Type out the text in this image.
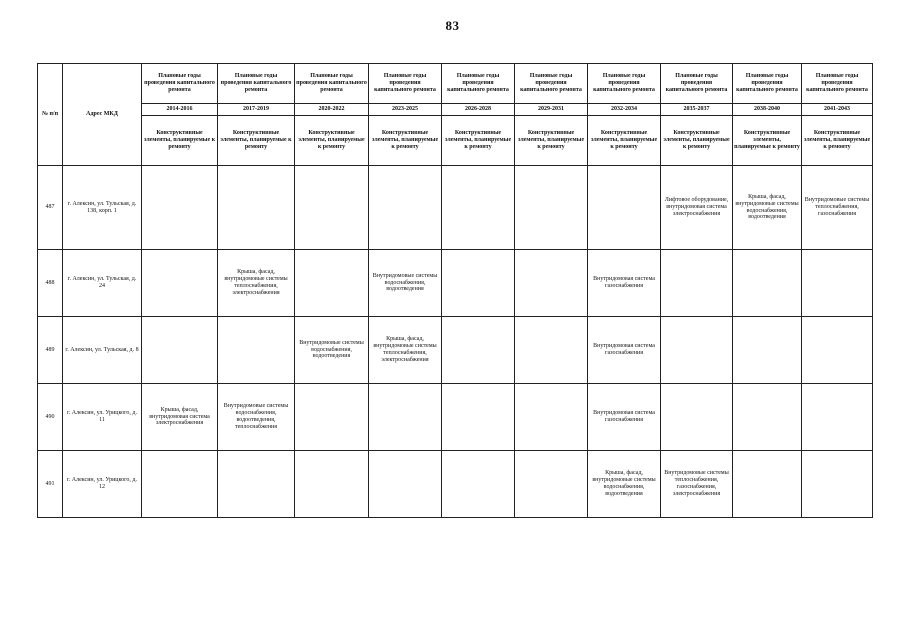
83
№ п/п	Адрес МКД	Плановые годы проведения капитального ремонта	Плановые годы проведения капитального ремонта	Плановые годы проведения капитального ремонта	Плановые годы проведения капитального ремонта	Плановые годы проведения капитального ремонта	Плановые годы проведения капитального ремонта	Плановые годы проведения капитального ремонта	Плановые годы проведения капитального ремонта	Плановые годы проведения капитального ремонта	Плановые годы проведения капитального ремонта
		2014-2016	2017-2019	2020-2022	2023-2025	2026-2028	2029-2031	2032-2034	2035-2037	2038-2040	2041-2043
		Конструктивные элементы, планируемые к ремонту	Конструктивные элементы, планируемые к ремонту	Конструктивные элементы, планируемые к ремонту	Конструктивные элементы, планируемые к ремонту	Конструктивные элементы, планируемые к ремонту	Конструктивные элементы, планируемые к ремонту	Конструктивные элементы, планируемые к ремонту	Конструктивные элементы, планируемые к ремонту	Конструктивные элементы, планируемые к ремонту	Конструктивные элементы, планируемые к ремонту
487	г. Алексин, ул. Тульская, д. 138, корп. 1								Лифтовое оборудование, внутридомовая система электроснабжения	Крыша, фасад, внутридомовые системы водоснабжения, водоотведения	Внутридомовые системы теплоснабжения, газоснабжения
488	г. Алексин, ул. Тульская, д. 24		Крыша, фасад, внутридомовые системы теплоснабжения, электроснабжения		Внутридомовые системы водоснабжения, водоотведения			Внутридомовая система газоснабжения			
489	г. Алексин, ул. Тульская, д. 8			Внутридомовые системы водоснабжения, водоотведения	Крыша, фасад, внутридомовые системы теплоснабжения, электроснабжения			Внутридомовая система газоснабжения			
490	г. Алексин, ул. Урицкого, д. 11	Крыша, фасад, внутридомовая система электроснабжения	Внутридомовые системы водоснабжения, водоотведения, теплоснабжения					Внутридомовая система газоснабжения			
491	г. Алексин, ул. Урицкого, д. 12							Крыша, фасад, внутридомовые системы водоснабжения, водоотведения	Внутридомовые системы теплоснабжения, газоснабжения, электроснабжения		
